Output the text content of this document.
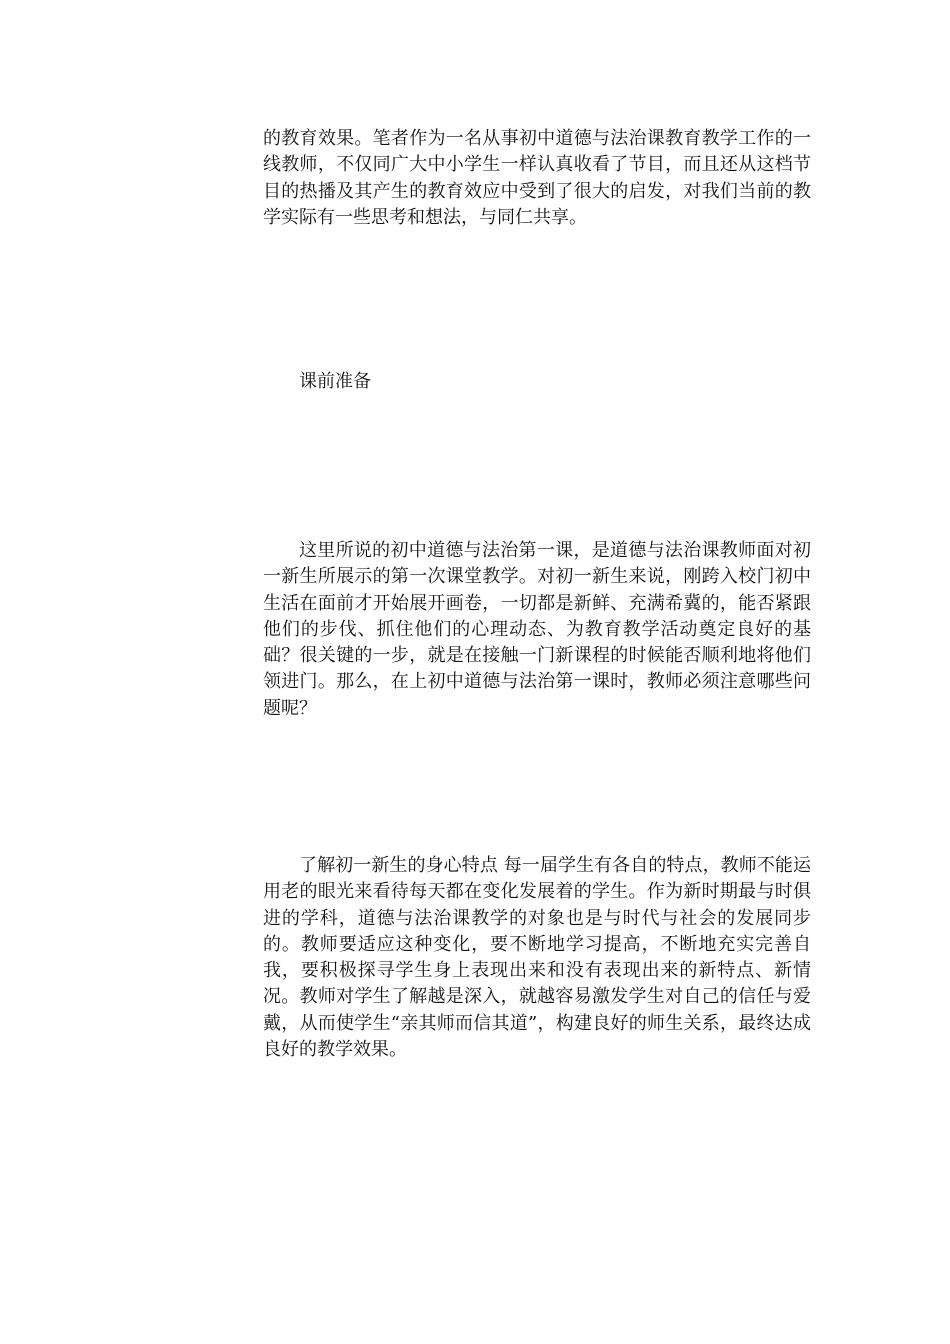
的教育效果。笔者作为一名从事初中道德与法治课教育教学工作的一线教师，不仅同广大中小学生一样认真收看了节目，而且还从这档节目的热播及其产生的教育效应中受到了很大的启发，对我们当前的教学实际有一些思考和想法，与同仁共享。

课前准备

这里所说的初中道德与法治第一课，是道德与法治课教师面对初一新生所展示的第一次课堂教学。对初一新生来说，刚跨入校门初中生活在面前才开始展开画卷，一切都是新鲜、充满希冀的，能否紧跟他们的步伐、抓住他们的心理动态、为教育教学活动奠定良好的基础？很关键的一步，就是在接触一门新课程的时候能否顺利地将他们领进门。那么，在上初中道德与法治第一课时，教师必须注意哪些问题呢？

了解初一新生的身心特点 每一届学生有各自的特点，教师不能运用老的眼光来看待每天都在变化发展着的学生。作为新时期最与时俱进的学科，道德与法治课教学的对象也是与时代与社会的发展同步的。教师要适应这种变化，要不断地学习提高，不断地充实完善自我，要积极探寻学生身上表现出来和没有表现出来的新特点、新情况。教师对学生了解越是深入，就越容易激发学生对自己的信任与爱戴，从而使学生“亲其师而信其道”，构建良好的师生关系，最终达成良好的教学效果。
